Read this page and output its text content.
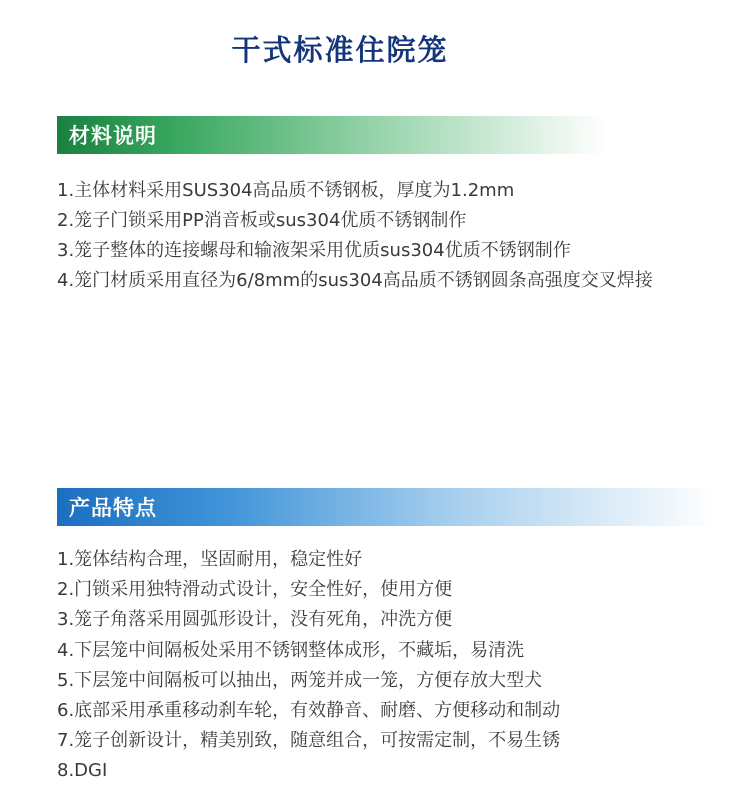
干式标准住院笼
材料说明
1.主体材料采用SUS304高品质不锈钢板，厚度为1.2mm
2.笼子门锁采用PP消音板或sus304优质不锈钢制作
3.笼子整体的连接螺母和输液架采用优质sus304优质不锈钢制作
4.笼门材质采用直径为6/8mm的sus304高品质不锈钢圆条高强度交叉焊接
产品特点
1.笼体结构合理，坚固耐用，稳定性好
2.门锁采用独特滑动式设计，安全性好，使用方便
3.笼子角落采用圆弧形设计，没有死角，冲洗方便
4.下层笼中间隔板处采用不锈钢整体成形，不藏垢，易清洗
5.下层笼中间隔板可以抽出，两笼并成一笼，方便存放大型犬
6.底部采用承重移动刹车轮，有效静音、耐磨、方便移动和制动
7.笼子创新设计，精美别致，随意组合，可按需定制，不易生锈
8.DGI
